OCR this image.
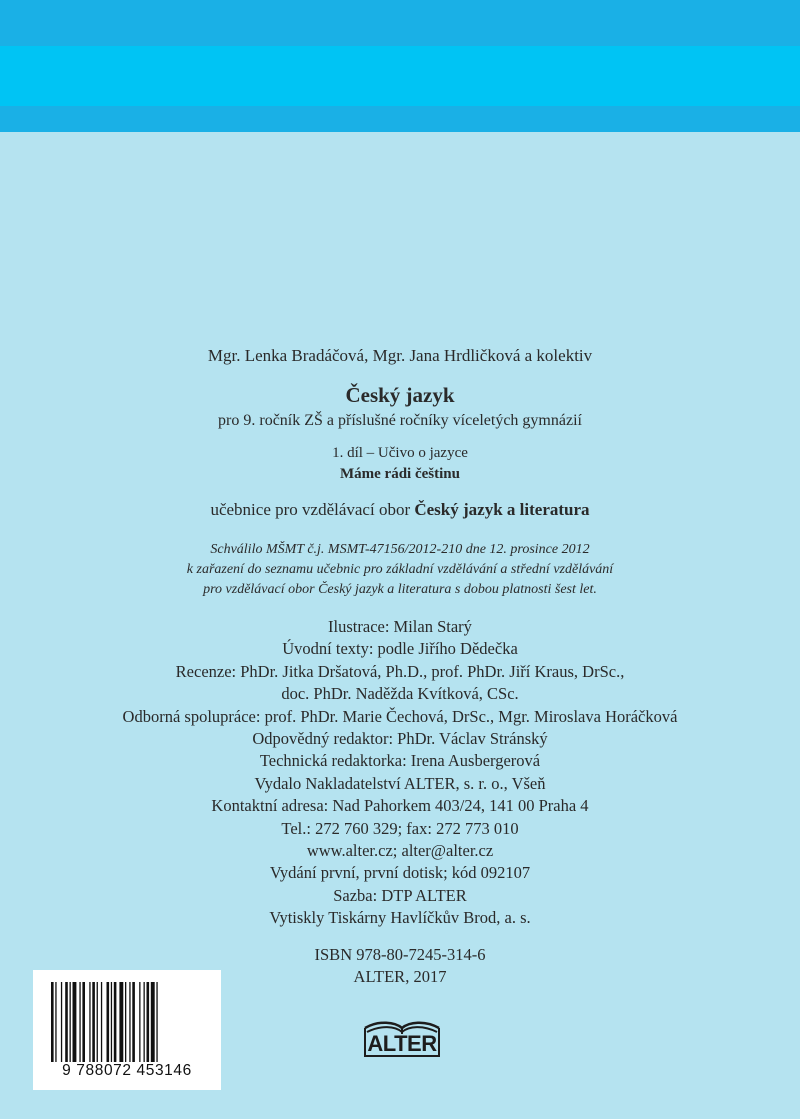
Mgr. Lenka Bradáčová, Mgr. Jana Hrdličková a kolektiv
Český jazyk
pro 9. ročník ZŠ a příslušné ročníky víceletých gymnázií
1. díl – Učivo o jazyce
Máme rádi češtinu
učebnice pro vzdělávací obor Český jazyk a literatura
Schválilo MŠMT č.j. MSMT-47156/2012-210 dne 12. prosince 2012
k zařazení do seznamu učebnic pro základní vzdělávání a střední vzdělávání
pro vzdělávací obor Český jazyk a literatura s dobou platnosti šest let.
Ilustrace: Milan Starý
Úvodní texty: podle Jiřího Dědečka
Recenze: PhDr. Jitka Dršatová, Ph.D., prof. PhDr. Jiří Kraus, DrSc.,
doc. PhDr. Naděžda Kvítková, CSc.
Odborná spolupráce: prof. PhDr. Marie Čechová, DrSc., Mgr. Miroslava Horáčková
Odpovědný redaktor: PhDr. Václav Stránský
Technická redaktorka: Irena Ausbergerová
Vydalo Nakladatelství ALTER, s. r. o., Všeň
Kontaktní adresa: Nad Pahorkem 403/24, 141 00 Praha 4
Tel.: 272 760 329; fax: 272 773 010
www.alter.cz; alter@alter.cz
Vydání první, první dotisk; kód 092107
Sazba: DTP ALTER
Vytiskly Tiskárny Havlíčkův Brod, a. s.
ISBN 978-80-7245-314-6
ALTER, 2017
9 788072 453146
ALTER
